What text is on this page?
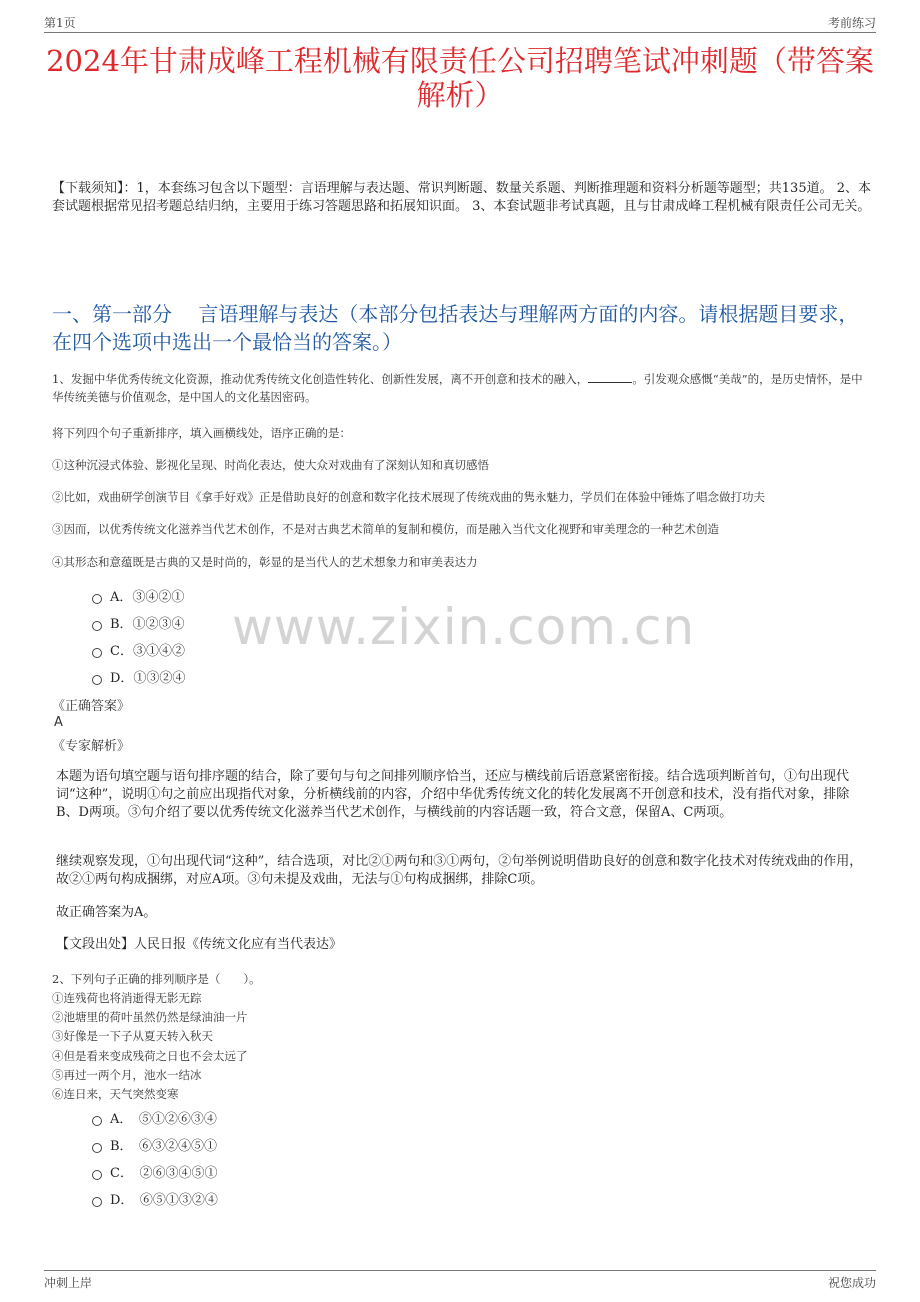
第1页	考前练习
2024年甘肃成峰工程机械有限责任公司招聘笔试冲刺题（带答案解析）
【下载须知】：1，本套练习包含以下题型：言语理解与表达题、常识判断题、数量关系题、判断推理题和资料分析题等题型；共135道。 2、本套试题根据常见招考题总结归纳，主要用于练习答题思路和拓展知识面。 3、本套试题非考试真题，且与甘肃成峰工程机械有限责任公司无关。
一、第一部分　 言语理解与表达（本部分包括表达与理解两方面的内容。请根据题目要求，在四个选项中选出一个最恰当的答案。）
1、发掘中华优秀传统文化资源，推动优秀传统文化创造性转化、创新性发展，离不开创意和技术的融入，	。引发观众感慨“美哉”的，是历史情怀，是中华传统美德与价值观念，是中国人的文化基因密码。
将下列四个句子重新排序，填入画横线处，语序正确的是：
①这种沉浸式体验、影视化呈现、时尚化表达，使大众对戏曲有了深刻认知和真切感悟
②比如，戏曲研学创演节目《拿手好戏》正是借助良好的创意和数字化技术展现了传统戏曲的隽永魅力，学员们在体验中锤炼了唱念做打功夫
③因而，以优秀传统文化滋养当代艺术创作，不是对古典艺术简单的复制和模仿，而是融入当代文化视野和审美理念的一种艺术创造
④其形态和意蕴既是古典的又是时尚的，彰显的是当代人的艺术想象力和审美表达力
A．③④②①
B．①②③④
C．③①④②
D．①③②④
www.zixin.com.cn
《正确答案》
A
《专家解析》
本题为语句填空题与语句排序题的结合，除了要句与句之间排列顺序恰当，还应与横线前后语意紧密衔接。结合选项判断首句，①句出现代词“这种”，说明①句之前应出现指代对象，分析横线前的内容，介绍中华优秀传统文化的转化发展离不开创意和技术，没有指代对象，排除B、D两项。③句介绍了要以优秀传统文化滋养当代艺术创作，与横线前的内容话题一致，符合文意，保留A、C两项。
继续观察发现，①句出现代词“这种”，结合选项，对比②①两句和③①两句，②句举例说明借助良好的创意和数字化技术对传统戏曲的作用，故②①两句构成捆绑，对应A项。③句未提及戏曲，无法与①句构成捆绑，排除C项。
故正确答案为A。
【文段出处】人民日报《传统文化应有当代表达》
2、下列句子正确的排列顺序是（　　）。
①连残荷也将消逝得无影无踪
②池塘里的荷叶虽然仍然是绿油油一片
③好像是一下子从夏天转入秋天
④但是看来变成残荷之日也不会太远了
⑤再过一两个月，池水一结冰
⑥连日来，天气突然变寒
A．　⑤①②⑥③④
B．　⑥③②④⑤①
C．　②⑥③④⑤①
D．　⑥⑤①③②④
冲刺上岸	祝您成功
